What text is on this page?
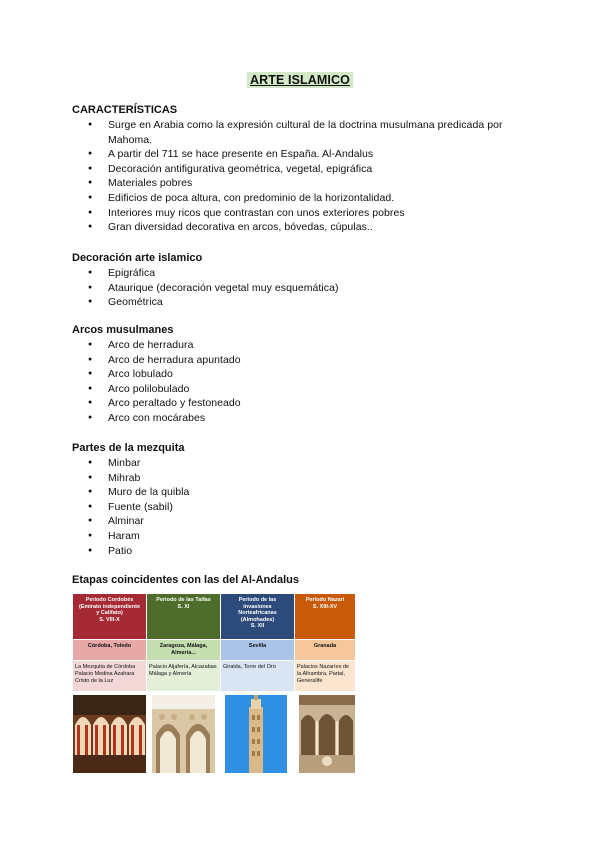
ARTE ISLAMICO
CARACTERÍSTICAS
● Surge en Arabia como la expresión cultural de la doctrina musulmana predicada por Mahoma.
● A partir del 711 se hace presente en España. Al-Andalus
● Decoración antifigurativa geométrica, vegetal, epigráfica
● Materiales pobres
● Edificios de poca altura, con predominio de la horizontalidad.
● Interiores muy ricos que contrastan con unos exteriores pobres
● Gran diversidad decorativa en arcos, bóvedas, cúpulas..
Decoración arte islamico
● Epigráfica
● Ataurique (decoración vegetal muy esquemática)
● Geométrica
Arcos musulmanes
● Arco de herradura
● Arco de herradura apuntado
● Arco lobulado
● Arco polilobulado
● Arco peraltado y festoneado
● Arco con mocárabes
Partes de la mezquita
● Minbar
● Mihrab
● Muro de la quibla
● Fuente (sabil)
● Alminar
● Haram
● Patio
Etapas coincidentes con las del Al-Andalus
Periodo Cordobés
(Emirato independiente
y Califato)
S. VIII-X
Córdoba, Toledo
La Mezquita de Córdoba Palacio Medina Azahara Cristo de la Luz
Periodo de las Taifas
S. XI
Zaragoza, Málaga, Almería...
Palacio Aljafería, Alcazabas Málaga y Almería
Periodo de las
invasiones
Norteafricanas
(Almohades)
S. XII
Sevilla
Giralda, Torre del Oro
Periodo Nazarí
S. XIII-XV
Granada
Palacios Nazaríes de la Alhambra, Partal, Generalife
